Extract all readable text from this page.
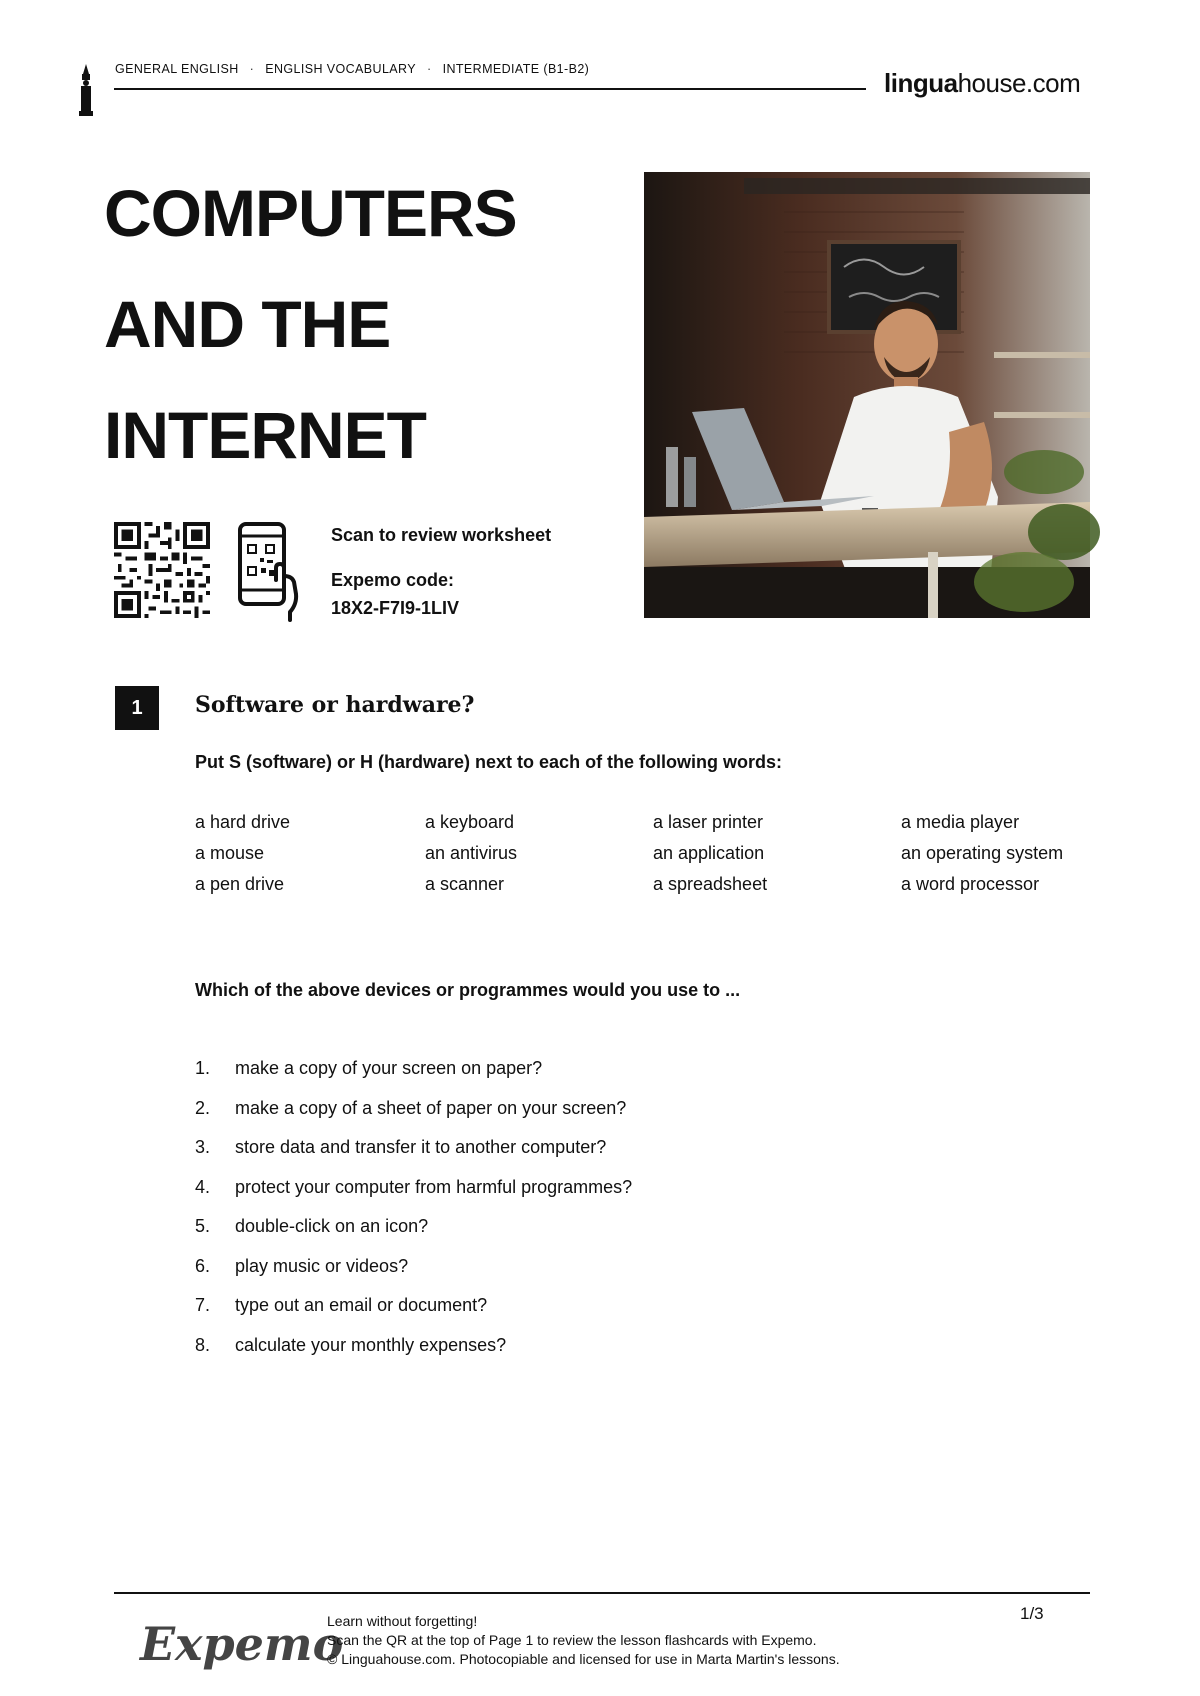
GENERAL ENGLISH · ENGLISH VOCABULARY · INTERMEDIATE (B1-B2)	linguahouse.com
COMPUTERS
AND THE
INTERNET
Scan to review worksheet
Expemo code:
18X2-F7I9-1LIV
1	Software or hardware?
Put S (software) or H (hardware) next to each of the following words:
a hard drive	a keyboard	a laser printer	a media player
a mouse	an antivirus	an application	an operating system
a pen drive	a scanner	a spreadsheet	a word processor
Which of the above devices or programmes would you use to ...
1.	make a copy of your screen on paper?
2.	make a copy of a sheet of paper on your screen?
3.	store data and transfer it to another computer?
4.	protect your computer from harmful programmes?
5.	double-click on an icon?
6.	play music or videos?
7.	type out an email or document?
8.	calculate your monthly expenses?
Expemo
Learn without forgetting!
Scan the QR at the top of Page 1 to review the lesson flashcards with Expemo.
© Linguahouse.com. Photocopiable and licensed for use in Marta Martin's lessons.
1/3
